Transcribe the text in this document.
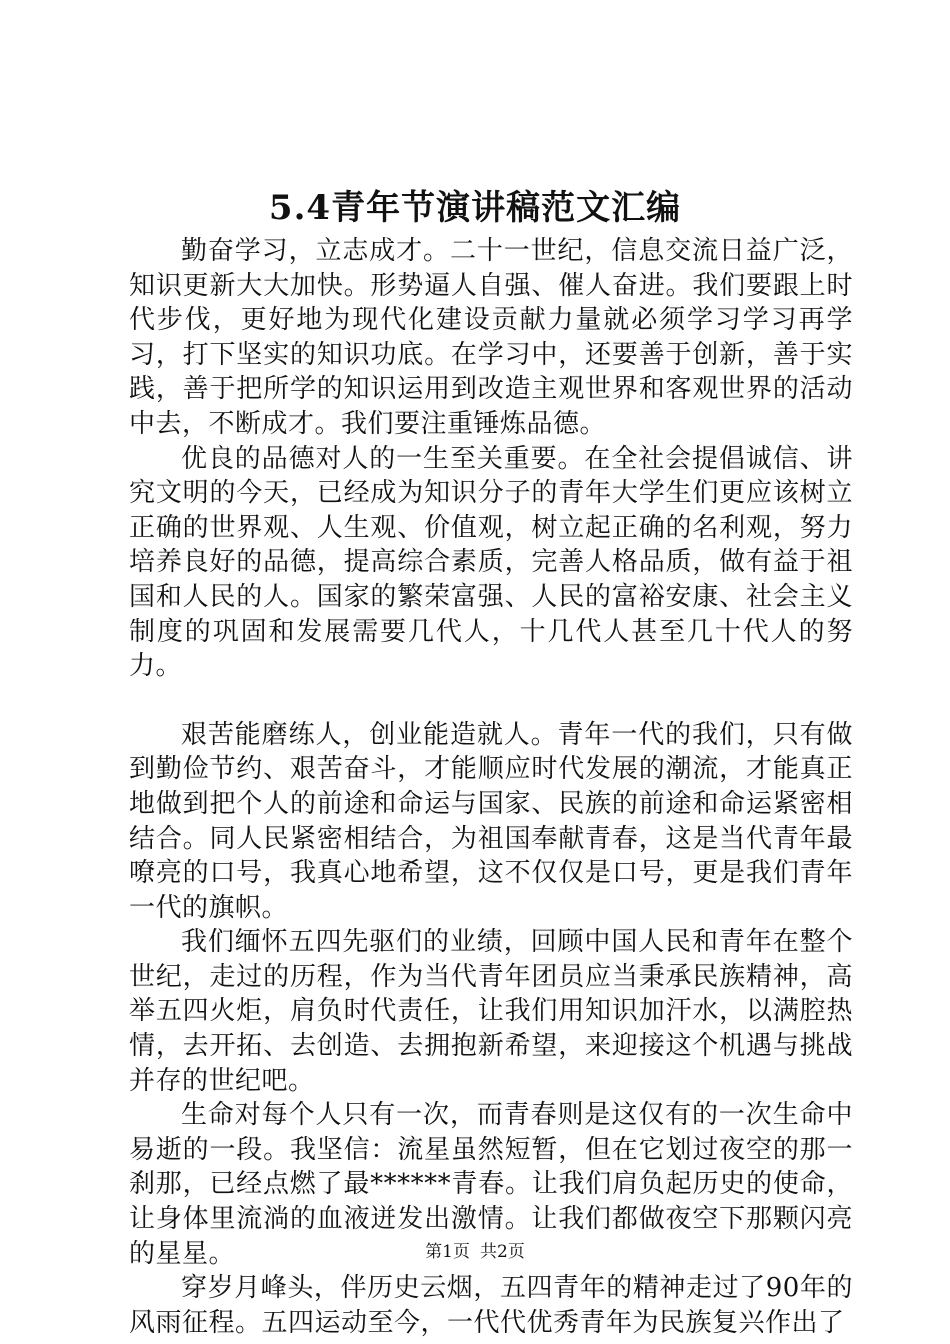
5.4青年节演讲稿范文汇编

勤奋学习，立志成才。二十一世纪，信息交流日益广泛，知识更新大大加快。形势逼人自强、催人奋进。我们要跟上时代步伐，更好地为现代化建设贡献力量就必须学习学习再学习，打下坚实的知识功底。在学习中，还要善于创新，善于实践，善于把所学的知识运用到改造主观世界和客观世界的活动中去，不断成才。我们要注重锤炼品德。

优良的品德对人的一生至关重要。在全社会提倡诚信、讲究文明的今天，已经成为知识分子的青年大学生们更应该树立正确的世界观、人生观、价值观，树立起正确的名利观，努力培养良好的品德，提高综合素质，完善人格品质，做有益于祖国和人民的人。国家的繁荣富强、人民的富裕安康、社会主义制度的巩固和发展需要几代人，十几代人甚至几十代人的努力。

艰苦能磨练人，创业能造就人。青年一代的我们，只有做到勤俭节约、艰苦奋斗，才能顺应时代发展的潮流，才能真正地做到把个人的前途和命运与国家、民族的前途和命运紧密相结合。同人民紧密相结合，为祖国奉献青春，这是当代青年最嘹亮的口号，我真心地希望，这不仅仅是口号，更是我们青年一代的旗帜。

我们缅怀五四先驱们的业绩，回顾中国人民和青年在整个世纪，走过的历程，作为当代青年团员应当秉承民族精神，高举五四火炬，肩负时代责任，让我们用知识加汗水，以满腔热情，去开拓、去创造、去拥抱新希望，来迎接这个机遇与挑战并存的世纪吧。

生命对每个人只有一次，而青春则是这仅有的一次生命中易逝的一段。我坚信：流星虽然短暂，但在它划过夜空的那一刹那，已经点燃了最******青春。让我们肩负起历史的使命，让身体里流淌的血液迸发出激情。让我们都做夜空下那颗闪亮的星星。

穿岁月峰头，伴历史云烟，五四青年的精神走过了90年的风雨征程。五四运动至今，一代代优秀青年为民族复兴作出了

第1页 共2页
